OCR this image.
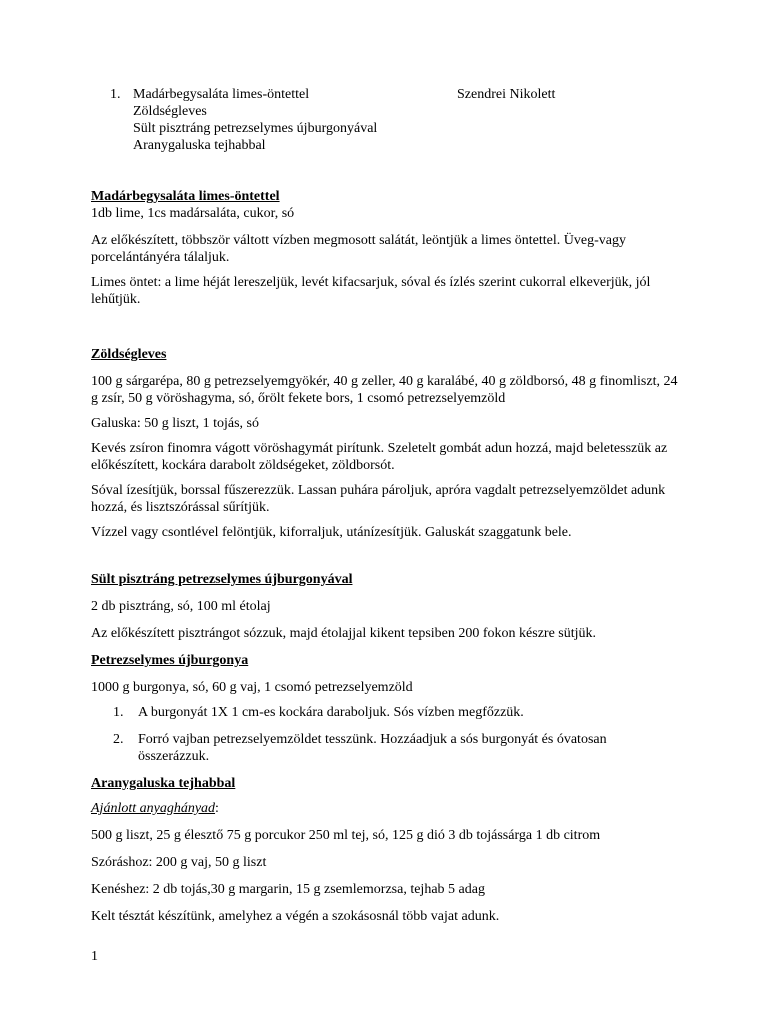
1. Madárbegysaláta limes-öntettel	Szendrei Nikolett
Zöldségleves
Sült pisztráng petrezselymes újburgonyával
Aranygaluska tejhabbal

Madárbegysaláta limes-öntettel

1db lime, 1cs madársaláta, cukor, só

Az előkészített, többször váltott vízben megmosott salátát, leöntjük a limes öntettel. Üveg-vagy porcelántányéra tálaljuk.

Limes öntet: a lime héját lereszeljük, levét kifacsarjuk, sóval és ízlés szerint cukorral elkeverjük, jól lehűtjük.

Zöldségleves

100 g sárgarépa, 80 g petrezselyemgyökér, 40 g zeller, 40 g karalábé, 40 g zöldborsó, 48 g finomliszt, 24 g zsír, 50 g vöröshagyma, só, őrölt fekete bors, 1 csomó petrezselyemzöld

Galuska: 50 g liszt, 1 tojás, só

Kevés zsíron finomra vágott vöröshagymát pirítunk. Szeletelt gombát adun hozzá, majd beletesszük az előkészített, kockára darabolt zöldségeket, zöldborsót.

Sóval ízesítjük, borssal fűszerezzük. Lassan puhára pároljuk, apróra vagdalt petrezselyemzöldet adunk hozzá, és lisztszórással sűrítjük.

Vízzel vagy csontlével felöntjük, kiforraljuk, utánízesítjük. Galuskát szaggatunk bele.

Sült pisztráng petrezselymes újburgonyával

2 db pisztráng, só, 100 ml étolaj

Az előkészített pisztrángot sózzuk, majd étolajjal kikent tepsiben 200 fokon készre sütjük.

Petrezselymes újburgonya

1000 g burgonya, só, 60 g vaj, 1 csomó petrezselyemzöld

1.	A burgonyát 1X 1 cm-es kockára daraboljuk. Sós vízben megfőzzük.
2.	Forró vajban petrezselyemzöldet tesszünk. Hozzáadjuk a sós burgonyát és óvatosan összerázzuk.

Aranygaluska tejhabbal

Ajánlott anyaghányad:

500 g liszt, 25 g élesztő 75 g porcukor 250 ml tej, só, 125 g dió 3 db tojássárga 1 db citrom

Szóráshoz: 200 g vaj, 50 g liszt

Kenéshez: 2 db tojás,30 g margarin, 15 g zsemlemorzsa, tejhab 5 adag

Kelt tésztát készítünk, amelyhez a végén a szokásosnál több vajat adunk.

1
